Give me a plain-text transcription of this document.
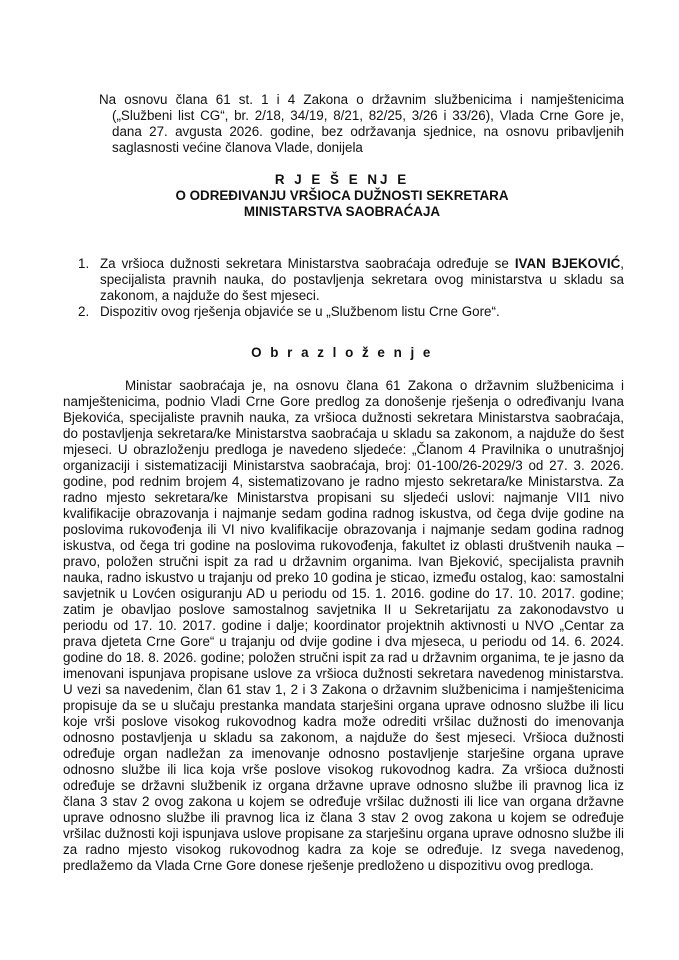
Na osnovu člana 61 st. 1 i 4 Zakona o državnim službenicima i namještenicima („Službeni list CG“, br. 2/18, 34/19, 8/21, 82/25, 3/26 i 33/26), Vlada Crne Gore je, dana 27. avgusta 2026. godine, bez održavanja sjednice, na osnovu pribavljenih saglasnosti većine članova Vlade, donijela

R J E Š E NJ E
O ODREĐIVANJU VRŠIOCA DUŽNOSTI SEKRETARA
MINISTARSTVA SAOBRAĆAJA
1. Za vršioca dužnosti sekretara Ministarstva saobraćaja određuje se IVAN BJEKOVIĆ, specijalista pravnih nauka, do postavljenja sekretara ovog ministarstva u skladu sa zakonom, a najduže do šest mjeseci.
2. Dispozitiv ovog rješenja objaviće se u „Službenom listu Crne Gore“.
O b r a z l o ž e n j e

Ministar saobraćaja je, na osnovu člana 61 Zakona o državnim službenicima i namještenicima, podnio Vladi Crne Gore predlog za donošenje rješenja o određivanju Ivana Bjekovića, specijaliste pravnih nauka, za vršioca dužnosti sekretara Ministarstva saobraćaja, do postavljenja sekretara/ke Ministarstva saobraćaja u skladu sa zakonom, a najduže do šest mjeseci. U obrazloženju predloga je navedeno sljedeće: „Članom 4 Pravilnika o unutrašnjoj organizaciji i sistematizaciji Ministarstva saobraćaja, broj: 01-100/26-2029/3 od 27. 3. 2026. godine, pod rednim brojem 4, sistematizovano je radno mjesto sekretara/ke Ministarstva. Za radno mjesto sekretara/ke Ministarstva propisani su sljedeći uslovi: najmanje VII1 nivo kvalifikacije obrazovanja i najmanje sedam godina radnog iskustva, od čega dvije godine na poslovima rukovođenja ili VI nivo kvalifikacije obrazovanja i najmanje sedam godina radnog iskustva, od čega tri godine na poslovima rukovođenja, fakultet iz oblasti društvenih nauka – pravo, položen stručni ispit za rad u državnim organima. Ivan Bjeković, specijalista pravnih nauka, radno iskustvo u trajanju od preko 10 godina je sticao, između ostalog, kao: samostalni savjetnik u Lovćen osiguranju AD u periodu od 15. 1. 2016. godine do 17. 10. 2017. godine; zatim je obavljao poslove samostalnog savjetnika II u Sekretarijatu za zakonodavstvo u periodu od 17. 10. 2017. godine i dalje; koordinator projektnih aktivnosti u NVO „Centar za prava djeteta Crne Gore“ u trajanju od dvije godine i dva mjeseca, u periodu od 14. 6. 2024. godine do 18. 8. 2026. godine; položen stručni ispit za rad u državnim organima, te je jasno da imenovani ispunjava propisane uslove za vršioca dužnosti sekretara navedenog ministarstva. U vezi sa navedenim, član 61 stav 1, 2 i 3 Zakona o državnim službenicima i namještenicima propisuje da se u slučaju prestanka mandata starješini organa uprave odnosno službe ili licu koje vrši poslove visokog rukovodnog kadra može odrediti vršilac dužnosti do imenovanja odnosno postavljenja u skladu sa zakonom, a najduže do šest mjeseci. Vršioca dužnosti određuje organ nadležan za imenovanje odnosno postavljenje starješine organa uprave odnosno službe ili lica koja vrše poslove visokog rukovodnog kadra. Za vršioca dužnosti određuje se državni službenik iz organa državne uprave odnosno službe ili pravnog lica iz člana 3 stav 2 ovog zakona u kojem se određuje vršilac dužnosti ili lice van organa državne uprave odnosno službe ili pravnog lica iz člana 3 stav 2 ovog zakona u kojem se određuje vršilac dužnosti koji ispunjava uslove propisane za starješinu organa uprave odnosno službe ili za radno mjesto visokog rukovodnog kadra za koje se određuje. Iz svega navedenog, predlažemo da Vlada Crne Gore donese rješenje predloženo u dispozitivu ovog predloga.
